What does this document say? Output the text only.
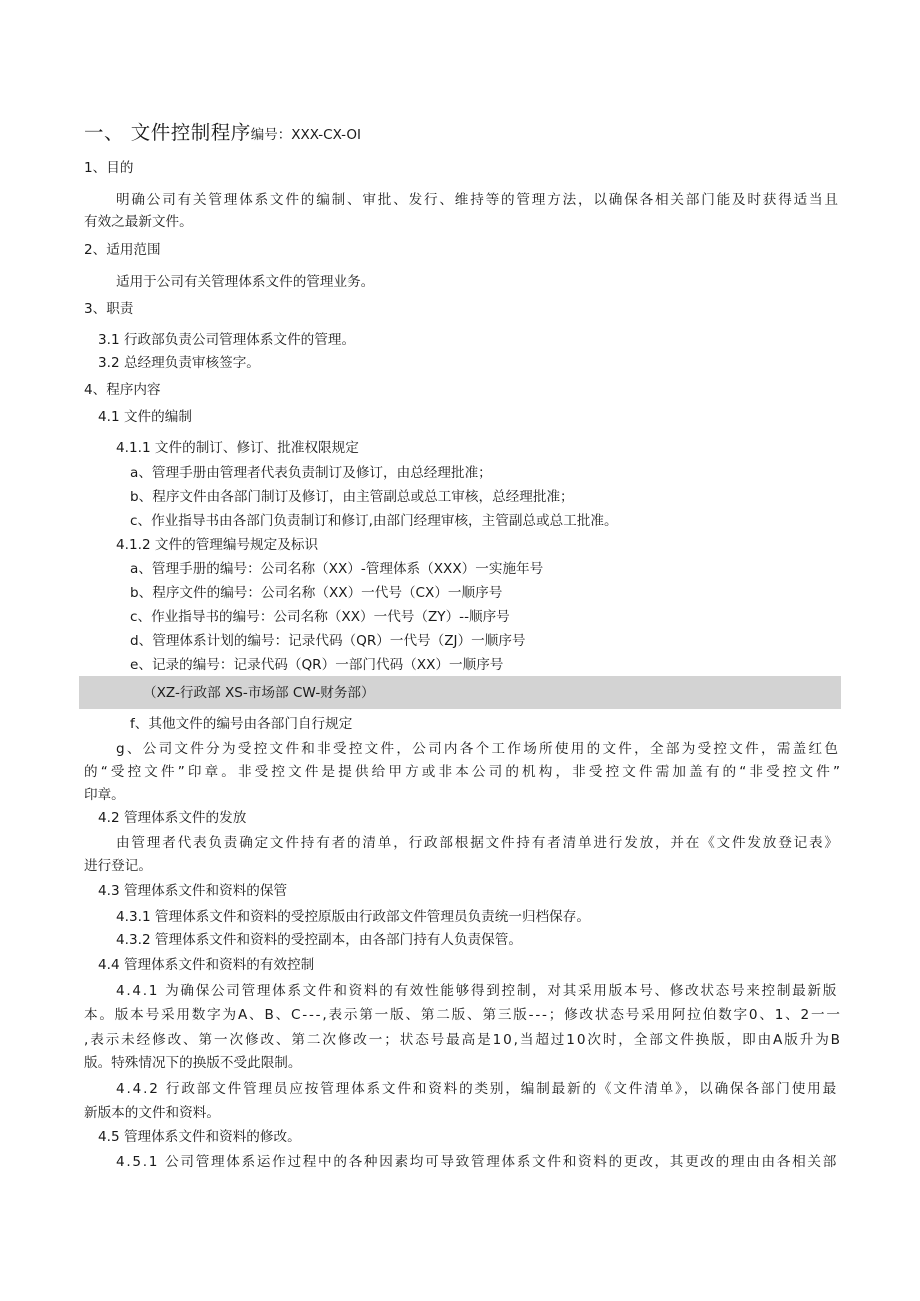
一、 文件控制程序编号：XXX-CX-OI
1、目的
明确公司有关管理体系文件的编制、审批、发行、维持等的管理方法，以确保各相关部门能及时获得适当且
有效之最新文件。
2、适用范围
适用于公司有关管理体系文件的管理业务。
3、职责
3.1 行政部负责公司管理体系文件的管理。
3.2 总经理负责审核签字。
4、程序内容
4.1 文件的编制
4.1.1 文件的制订、修订、批准权限规定
a、管理手册由管理者代表负责制订及修订，由总经理批准；
b、程序文件由各部门制订及修订，由主管副总或总工审核，总经理批准；
c、作业指导书由各部门负责制订和修订,由部门经理审核，主管副总或总工批准。
4.1.2 文件的管理编号规定及标识
a、管理手册的编号：公司名称（XX）-管理体系（XXX）一实施年号
b、程序文件的编号：公司名称（XX）一代号（CX）一顺序号
c、作业指导书的编号：公司名称（XX）一代号（ZY）--顺序号
d、管理体系计划的编号：记录代码（QR）一代号（ZJ）一顺序号
e、记录的编号：记录代码（QR）一部门代码（XX）一顺序号
（XZ-行政部 XS-市场部 CW-财务部）
f、其他文件的编号由各部门自行规定
g、公司文件分为受控文件和非受控文件，公司内各个工作场所使用的文件，全部为受控文件，需盖红色
的“受控文件”印章。非受控文件是提供给甲方或非本公司的机构，非受控文件需加盖有的“非受控文件”
印章。
4.2 管理体系文件的发放
由管理者代表负责确定文件持有者的清单，行政部根据文件持有者清单进行发放，并在《文件发放登记表》
进行登记。
4.3 管理体系文件和资料的保管
4.3.1 管理体系文件和资料的受控原版由行政部文件管理员负责统一归档保存。
4.3.2 管理体系文件和资料的受控副本，由各部门持有人负责保管。
4.4 管理体系文件和资料的有效控制
4.4.1 为确保公司管理体系文件和资料的有效性能够得到控制，对其采用版本号、修改状态号来控制最新版
本。版本号采用数字为A、B、C---,表示第一版、第二版、第三版---；修改状态号采用阿拉伯数字0、1、2一一
,表示未经修改、第一次修改、第二次修改一；状态号最高是10,当超过10次时，全部文件换版，即由A版升为B
版。特殊情况下的换版不受此限制。
4.4.2 行政部文件管理员应按管理体系文件和资料的类别，编制最新的《文件清单》，以确保各部门使用最
新版本的文件和资料。
4.5 管理体系文件和资料的修改。
4.5.1 公司管理体系运作过程中的各种因素均可导致管理体系文件和资料的更改，其更改的理由由各相关部
